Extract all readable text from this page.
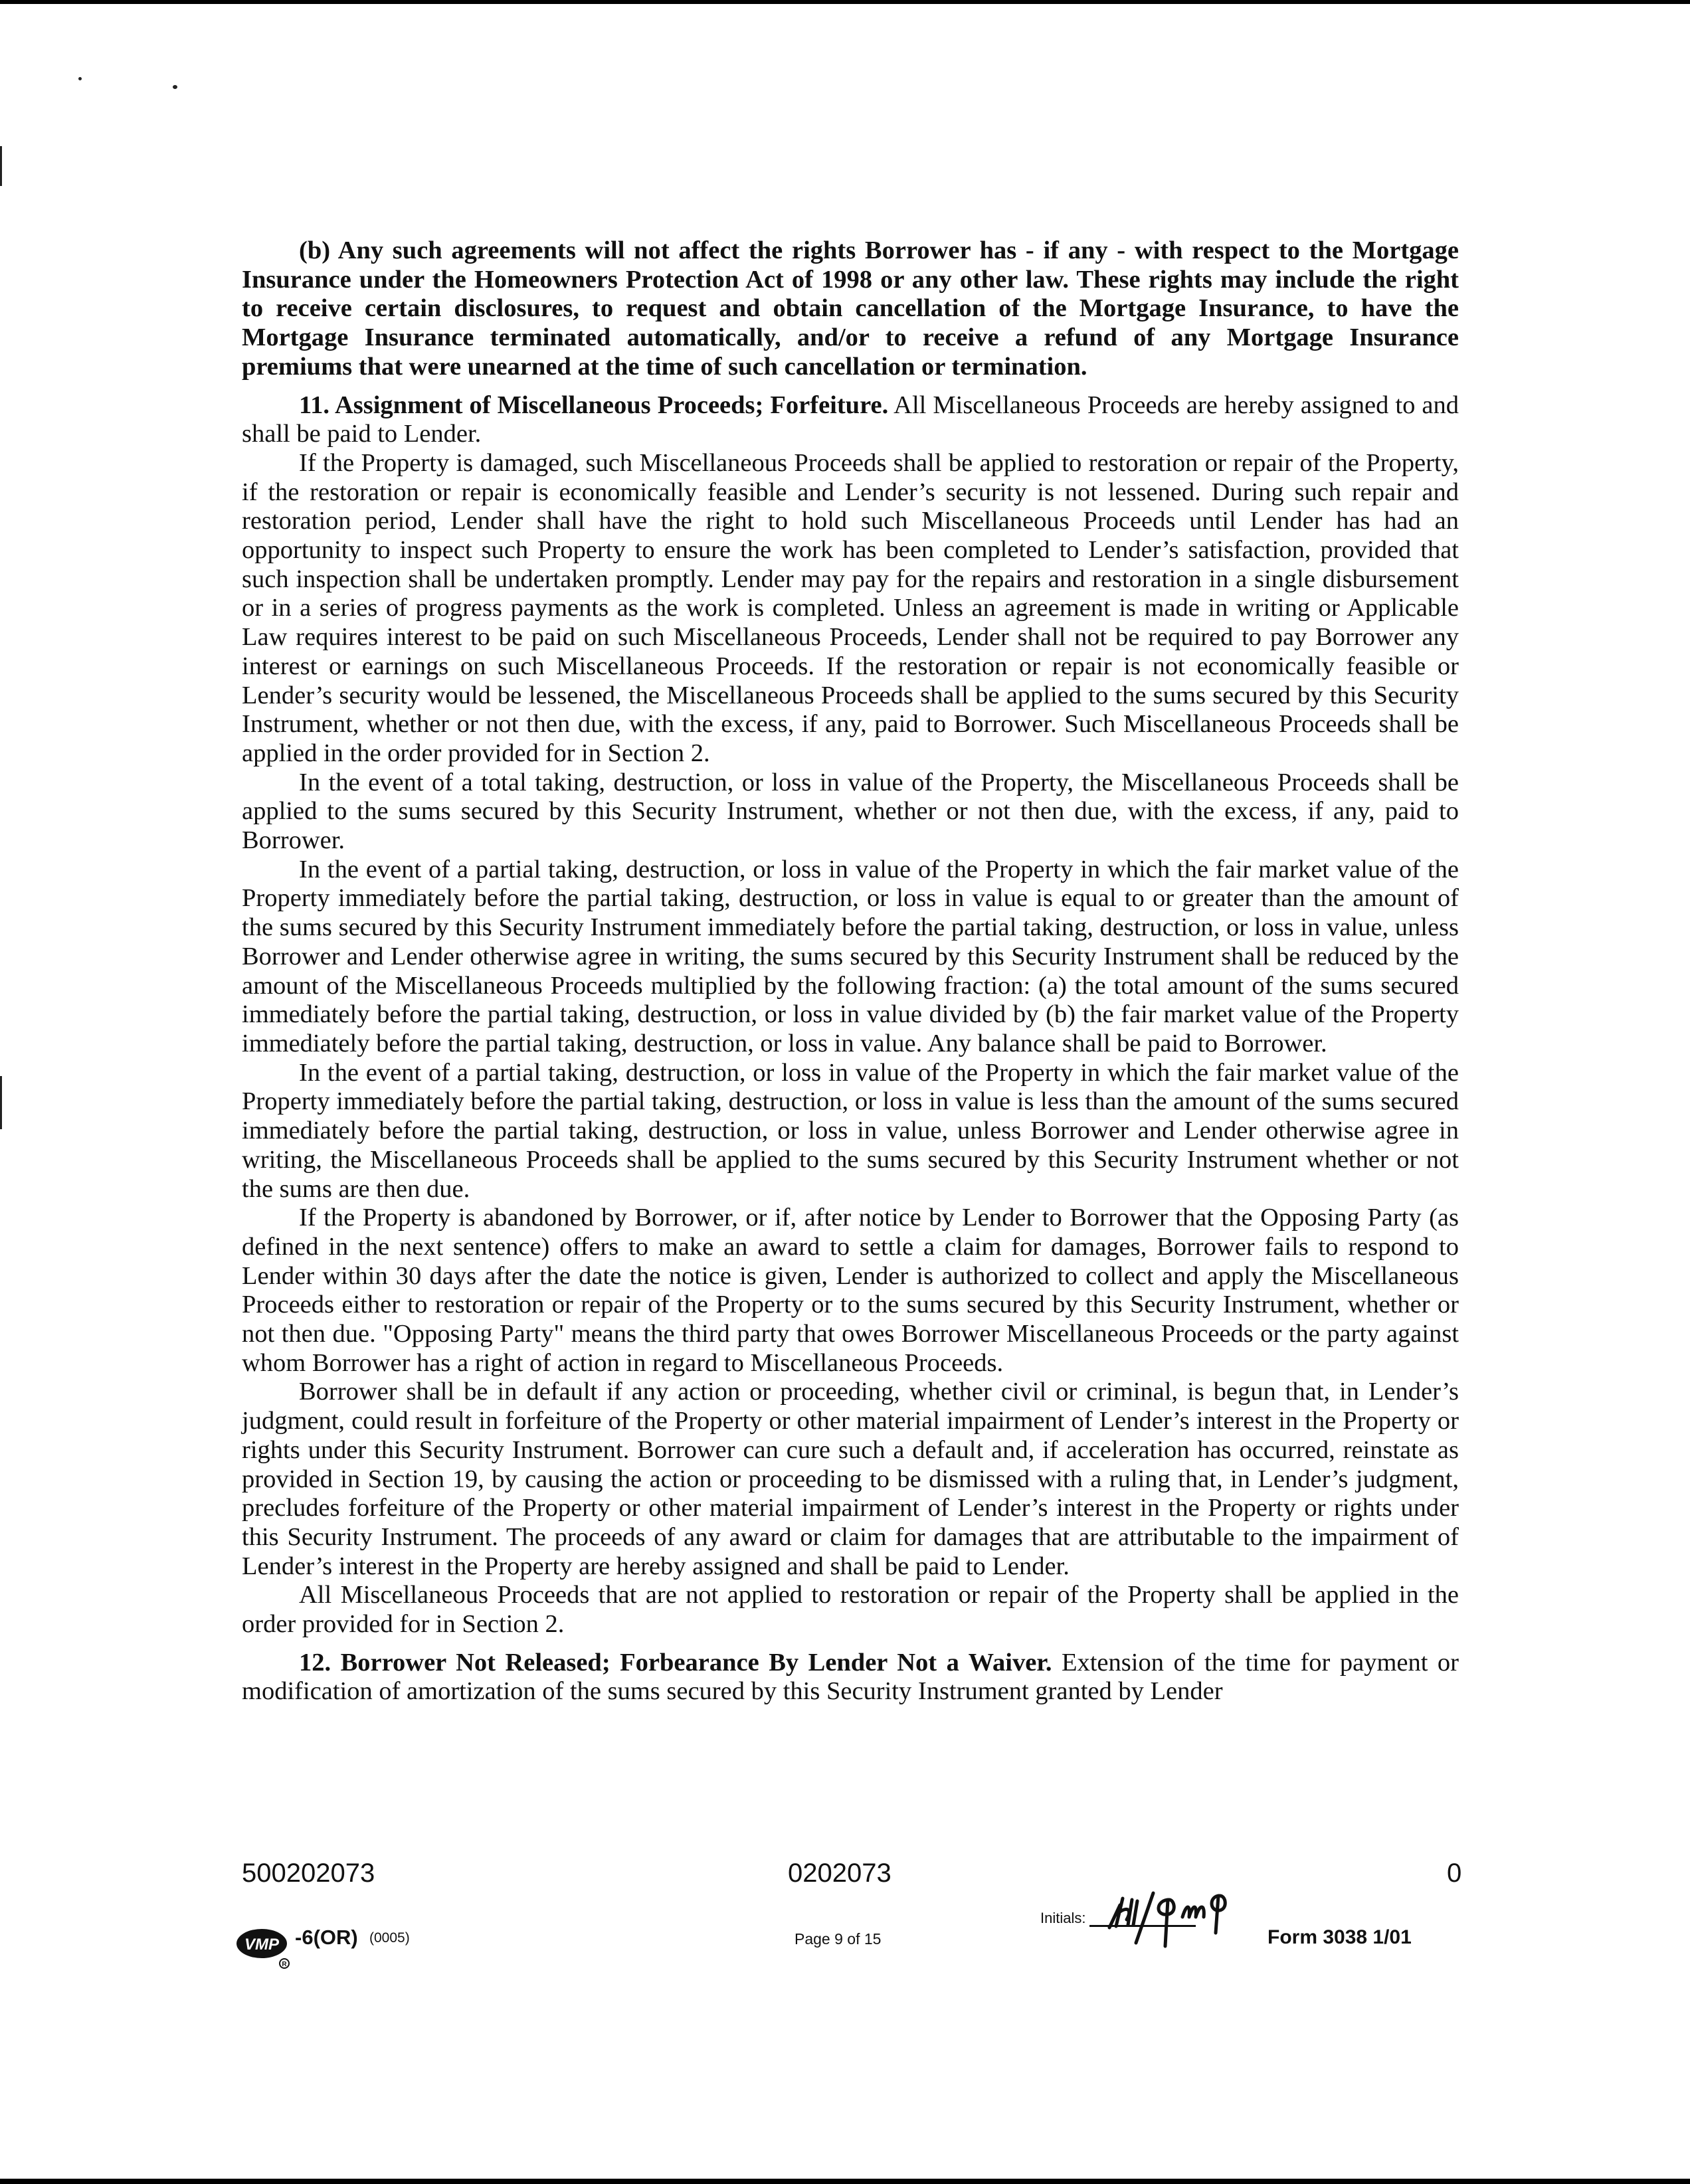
(b) Any such agreements will not affect the rights Borrower has - if any - with respect to the Mortgage Insurance under the Homeowners Protection Act of 1998 or any other law. These rights may include the right to receive certain disclosures, to request and obtain cancellation of the Mortgage Insurance, to have the Mortgage Insurance terminated automatically, and/or to receive a refund of any Mortgage Insurance premiums that were unearned at the time of such cancellation or termination.

11. Assignment of Miscellaneous Proceeds; Forfeiture. All Miscellaneous Proceeds are hereby assigned to and shall be paid to Lender.

If the Property is damaged, such Miscellaneous Proceeds shall be applied to restoration or repair of the Property, if the restoration or repair is economically feasible and Lender’s security is not lessened. During such repair and restoration period, Lender shall have the right to hold such Miscellaneous Proceeds until Lender has had an opportunity to inspect such Property to ensure the work has been completed to Lender’s satisfaction, provided that such inspection shall be undertaken promptly. Lender may pay for the repairs and restoration in a single disbursement or in a series of progress payments as the work is completed. Unless an agreement is made in writing or Applicable Law requires interest to be paid on such Miscellaneous Proceeds, Lender shall not be required to pay Borrower any interest or earnings on such Miscellaneous Proceeds. If the restoration or repair is not economically feasible or Lender’s security would be lessened, the Miscellaneous Proceeds shall be applied to the sums secured by this Security Instrument, whether or not then due, with the excess, if any, paid to Borrower. Such Miscellaneous Proceeds shall be applied in the order provided for in Section 2.

In the event of a total taking, destruction, or loss in value of the Property, the Miscellaneous Proceeds shall be applied to the sums secured by this Security Instrument, whether or not then due, with the excess, if any, paid to Borrower.

In the event of a partial taking, destruction, or loss in value of the Property in which the fair market value of the Property immediately before the partial taking, destruction, or loss in value is equal to or greater than the amount of the sums secured by this Security Instrument immediately before the partial taking, destruction, or loss in value, unless Borrower and Lender otherwise agree in writing, the sums secured by this Security Instrument shall be reduced by the amount of the Miscellaneous Proceeds multiplied by the following fraction: (a) the total amount of the sums secured immediately before the partial taking, destruction, or loss in value divided by (b) the fair market value of the Property immediately before the partial taking, destruction, or loss in value. Any balance shall be paid to Borrower.

In the event of a partial taking, destruction, or loss in value of the Property in which the fair market value of the Property immediately before the partial taking, destruction, or loss in value is less than the amount of the sums secured immediately before the partial taking, destruction, or loss in value, unless Borrower and Lender otherwise agree in writing, the Miscellaneous Proceeds shall be applied to the sums secured by this Security Instrument whether or not the sums are then due.

If the Property is abandoned by Borrower, or if, after notice by Lender to Borrower that the Opposing Party (as defined in the next sentence) offers to make an award to settle a claim for damages, Borrower fails to respond to Lender within 30 days after the date the notice is given, Lender is authorized to collect and apply the Miscellaneous Proceeds either to restoration or repair of the Property or to the sums secured by this Security Instrument, whether or not then due. "Opposing Party" means the third party that owes Borrower Miscellaneous Proceeds or the party against whom Borrower has a right of action in regard to Miscellaneous Proceeds.

Borrower shall be in default if any action or proceeding, whether civil or criminal, is begun that, in Lender’s judgment, could result in forfeiture of the Property or other material impairment of Lender’s interest in the Property or rights under this Security Instrument. Borrower can cure such a default and, if acceleration has occurred, reinstate as provided in Section 19, by causing the action or proceeding to be dismissed with a ruling that, in Lender’s judgment, precludes forfeiture of the Property or other material impairment of Lender’s interest in the Property or rights under this Security Instrument. The proceeds of any award or claim for damages that are attributable to the impairment of Lender’s interest in the Property are hereby assigned and shall be paid to Lender.

All Miscellaneous Proceeds that are not applied to restoration or repair of the Property shall be applied in the order provided for in Section 2.

12. Borrower Not Released; Forbearance By Lender Not a Waiver. Extension of the time for payment or modification of amortization of the sums secured by this Security Instrument granted by Lender

500202073	0202073	0
Initials:
VMP
R
-6(OR) (0005)	Page 9 of 15	Form 3038 1/01
